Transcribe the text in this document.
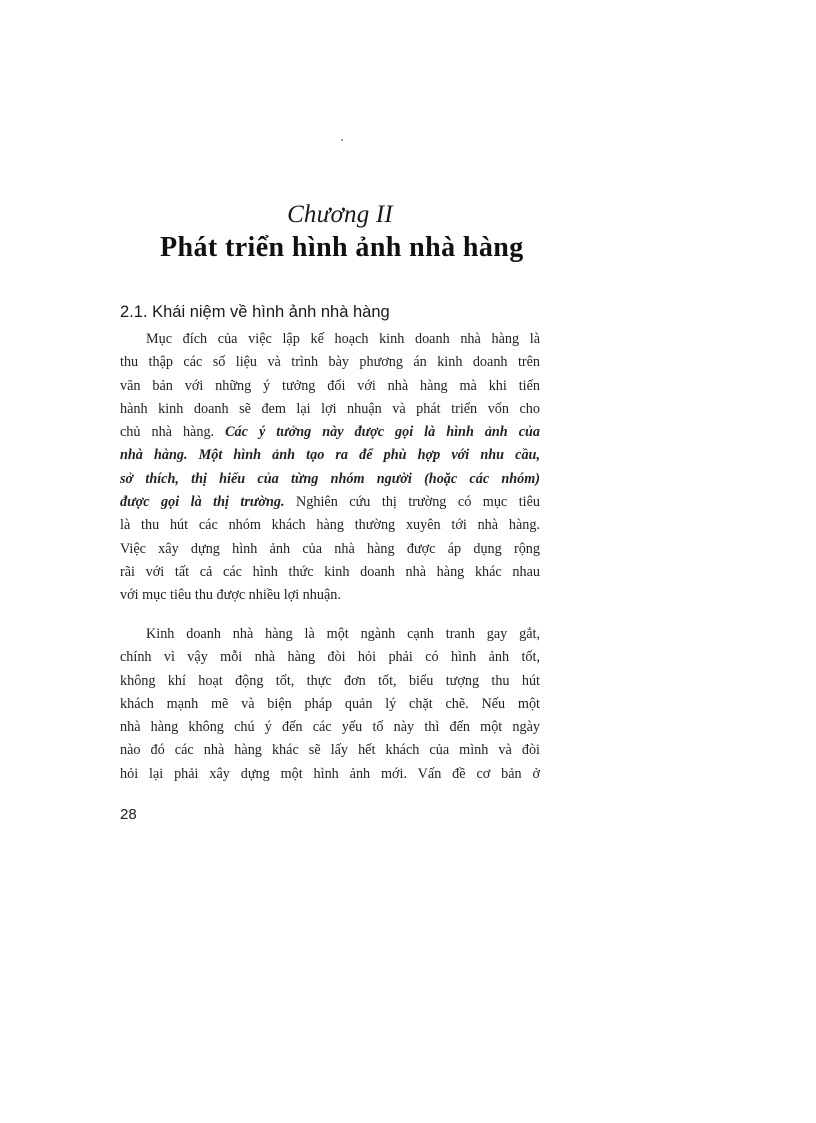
Chương II
Phát triển hình ảnh nhà hàng
2.1. Khái niệm về hình ảnh nhà hàng
Mục đích của việc lập kế hoạch kinh doanh nhà hàng là
thu thập các số liệu và trình bày phương án kinh doanh trên
văn bản với những ý tưởng đối với nhà hàng mà khi tiến
hành kinh doanh sẽ đem lại lợi nhuận và phát triển vốn cho
chủ nhà hàng. Các ý tưởng này được gọi là hình ảnh của
nhà hàng. Một hình ảnh tạo ra để phù hợp với nhu cầu,
sở thích, thị hiếu của từng nhóm người (hoặc các nhóm)
được gọi là thị trường. Nghiên cứu thị trường có mục tiêu
là thu hút các nhóm khách hàng thường xuyên tới nhà hàng.
Việc xây dựng hình ảnh của nhà hàng được áp dụng rộng
rãi với tất cả các hình thức kinh doanh nhà hàng khác nhau
với mục tiêu thu được nhiều lợi nhuận.
Kinh doanh nhà hàng là một ngành cạnh tranh gay gắt,
chính vì vậy mỗi nhà hàng đòi hỏi phải có hình ảnh tốt,
không khí hoạt động tốt, thực đơn tốt, biểu tượng thu hút
khách mạnh mẽ và biện pháp quản lý chặt chẽ. Nếu một
nhà hàng không chú ý đến các yếu tố này thì đến một ngày
nào đó các nhà hàng khác sẽ lấy hết khách của mình và đòi
hỏi lại phải xây dựng một hình ảnh mới. Vấn đề cơ bản ở
28
